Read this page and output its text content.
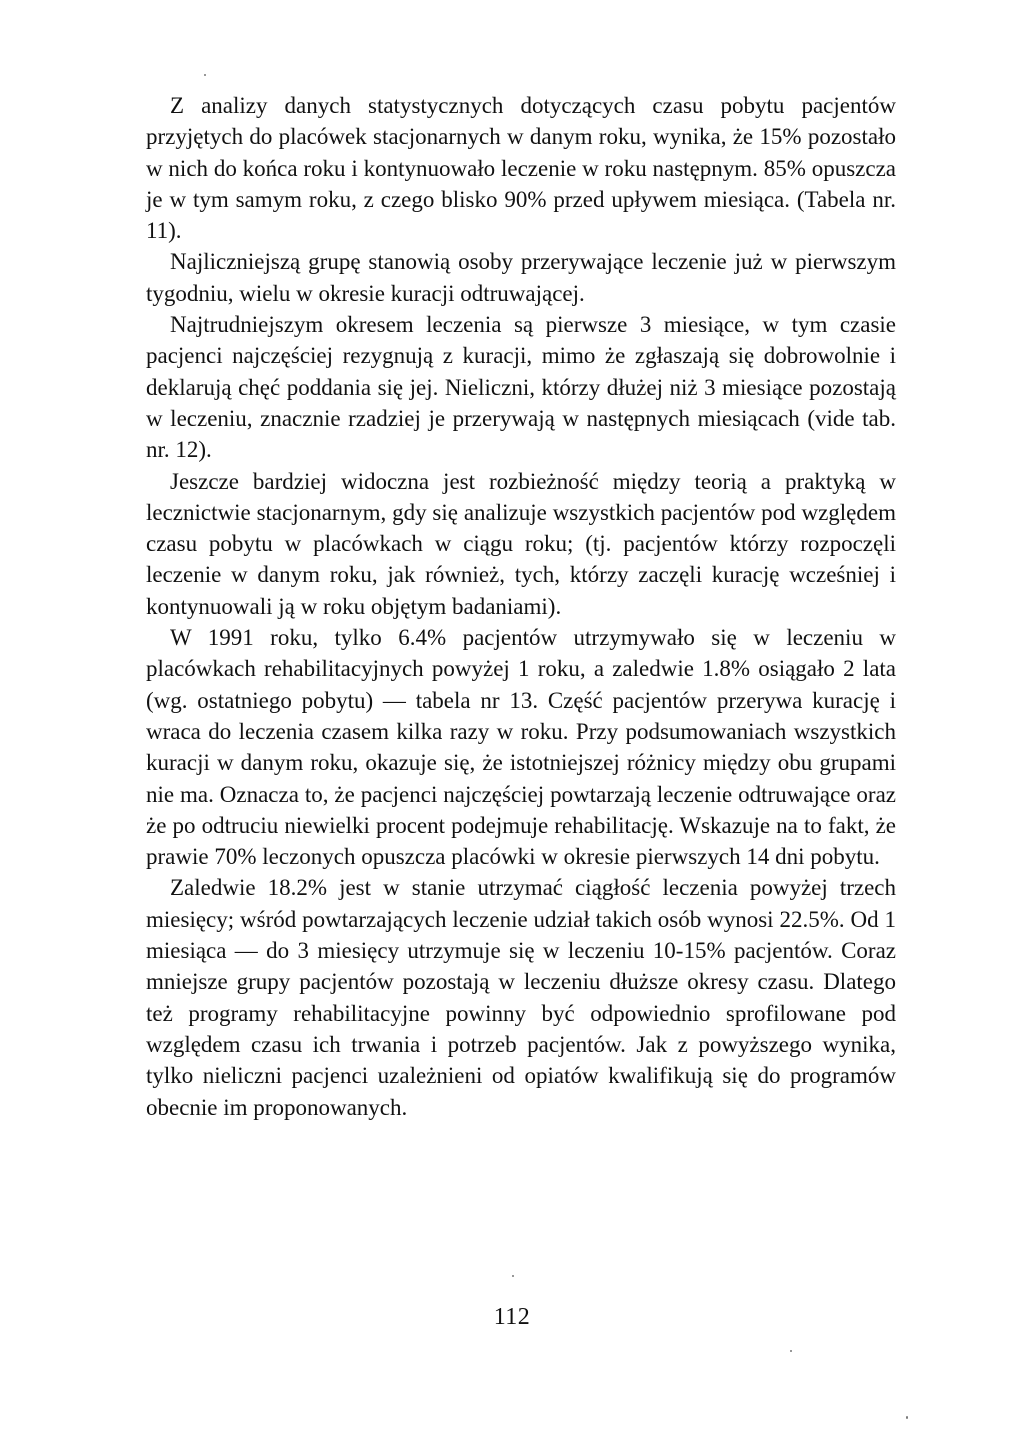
Z analizy danych statystycznych dotyczących czasu pobytu pacjentów przyjętych do placówek stacjonarnych w danym roku, wynika, że 15% pozostało w nich do końca roku i kontynuowało leczenie w roku następnym. 85% opuszcza je w tym samym roku, z czego blisko 90% przed upływem miesiąca. (Tabela nr. 11).

Najliczniejszą grupę stanowią osoby przerywające leczenie już w pierwszym tygodniu, wielu w okresie kuracji odtruwającej.

Najtrudniejszym okresem leczenia są pierwsze 3 miesiące, w tym czasie pacjenci najczęściej rezygnują z kuracji, mimo że zgłaszają się dobrowolnie i deklarują chęć poddania się jej. Nieliczni, którzy dłużej niż 3 miesiące pozostają w leczeniu, znacznie rzadziej je przerywają w następnych miesiącach (vide tab. nr. 12).

Jeszcze bardziej widoczna jest rozbieżność między teorią a praktyką w lecznictwie stacjonarnym, gdy się analizuje wszystkich pacjentów pod względem czasu pobytu w placówkach w ciągu roku; (tj. pacjentów którzy rozpoczęli leczenie w danym roku, jak również, tych, którzy zaczęli kurację wcześniej i kontynuowali ją w roku objętym badaniami).

W 1991 roku, tylko 6.4% pacjentów utrzymywało się w leczeniu w placówkach rehabilitacyjnych powyżej 1 roku, a zaledwie 1.8% osiągało 2 lata (wg. ostatniego pobytu) — tabela nr 13. Część pacjentów przerywa kurację i wraca do leczenia czasem kilka razy w roku. Przy podsumowaniach wszystkich kuracji w danym roku, okazuje się, że istotniejszej różnicy między obu grupami nie ma. Oznacza to, że pacjenci najczęściej powtarzają leczenie odtruwające oraz że po odtruciu niewielki procent podejmuje rehabilitację. Wskazuje na to fakt, że prawie 70% leczonych opuszcza placówki w okresie pierwszych 14 dni pobytu.

Zaledwie 18.2% jest w stanie utrzymać ciągłość leczenia powyżej trzech miesięcy; wśród powtarzających leczenie udział takich osób wynosi 22.5%. Od 1 miesiąca — do 3 miesięcy utrzymuje się w leczeniu 10-15% pacjentów. Coraz mniejsze grupy pacjentów pozostają w leczeniu dłuższe okresy czasu. Dlatego też programy rehabilitacyjne powinny być odpowiednio sprofilowane pod względem czasu ich trwania i potrzeb pacjentów. Jak z powyższego wynika, tylko nieliczni pacjenci uzależnieni od opiatów kwalifikują się do programów obecnie im proponowanych.

112
